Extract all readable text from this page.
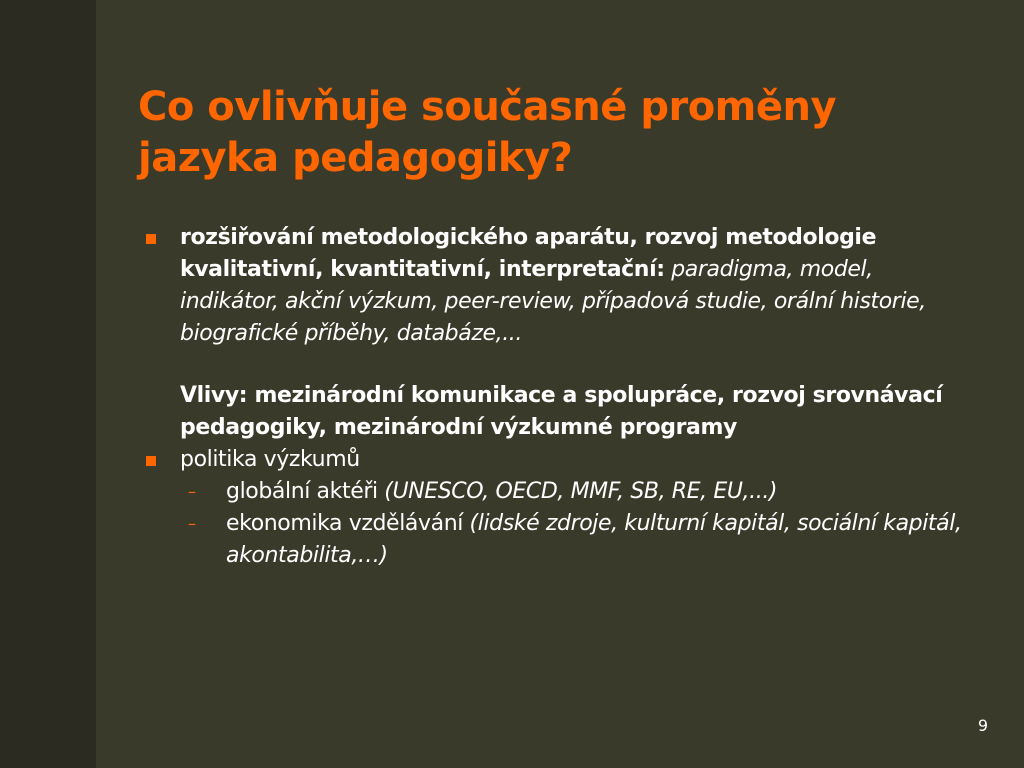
Co ovlivňuje současné proměny
jazyka pedagogiky?
rozšiřování metodologického aparátu, rozvoj metodologie kvalitativní, kvantitativní, interpretační: paradigma, model, indikátor, akční výzkum, peer-review, případová studie, orální historie, biografické příběhy, databáze,...
Vlivy: mezinárodní komunikace a spolupráce, rozvoj srovnávací pedagogiky, mezinárodní výzkumné programy
politika výzkumů
– globální aktéři (UNESCO, OECD, MMF, SB, RE, EU,...)
– ekonomika vzdělávání (lidské zdroje, kulturní kapitál, sociální kapitál, akontabilita,…)
9
